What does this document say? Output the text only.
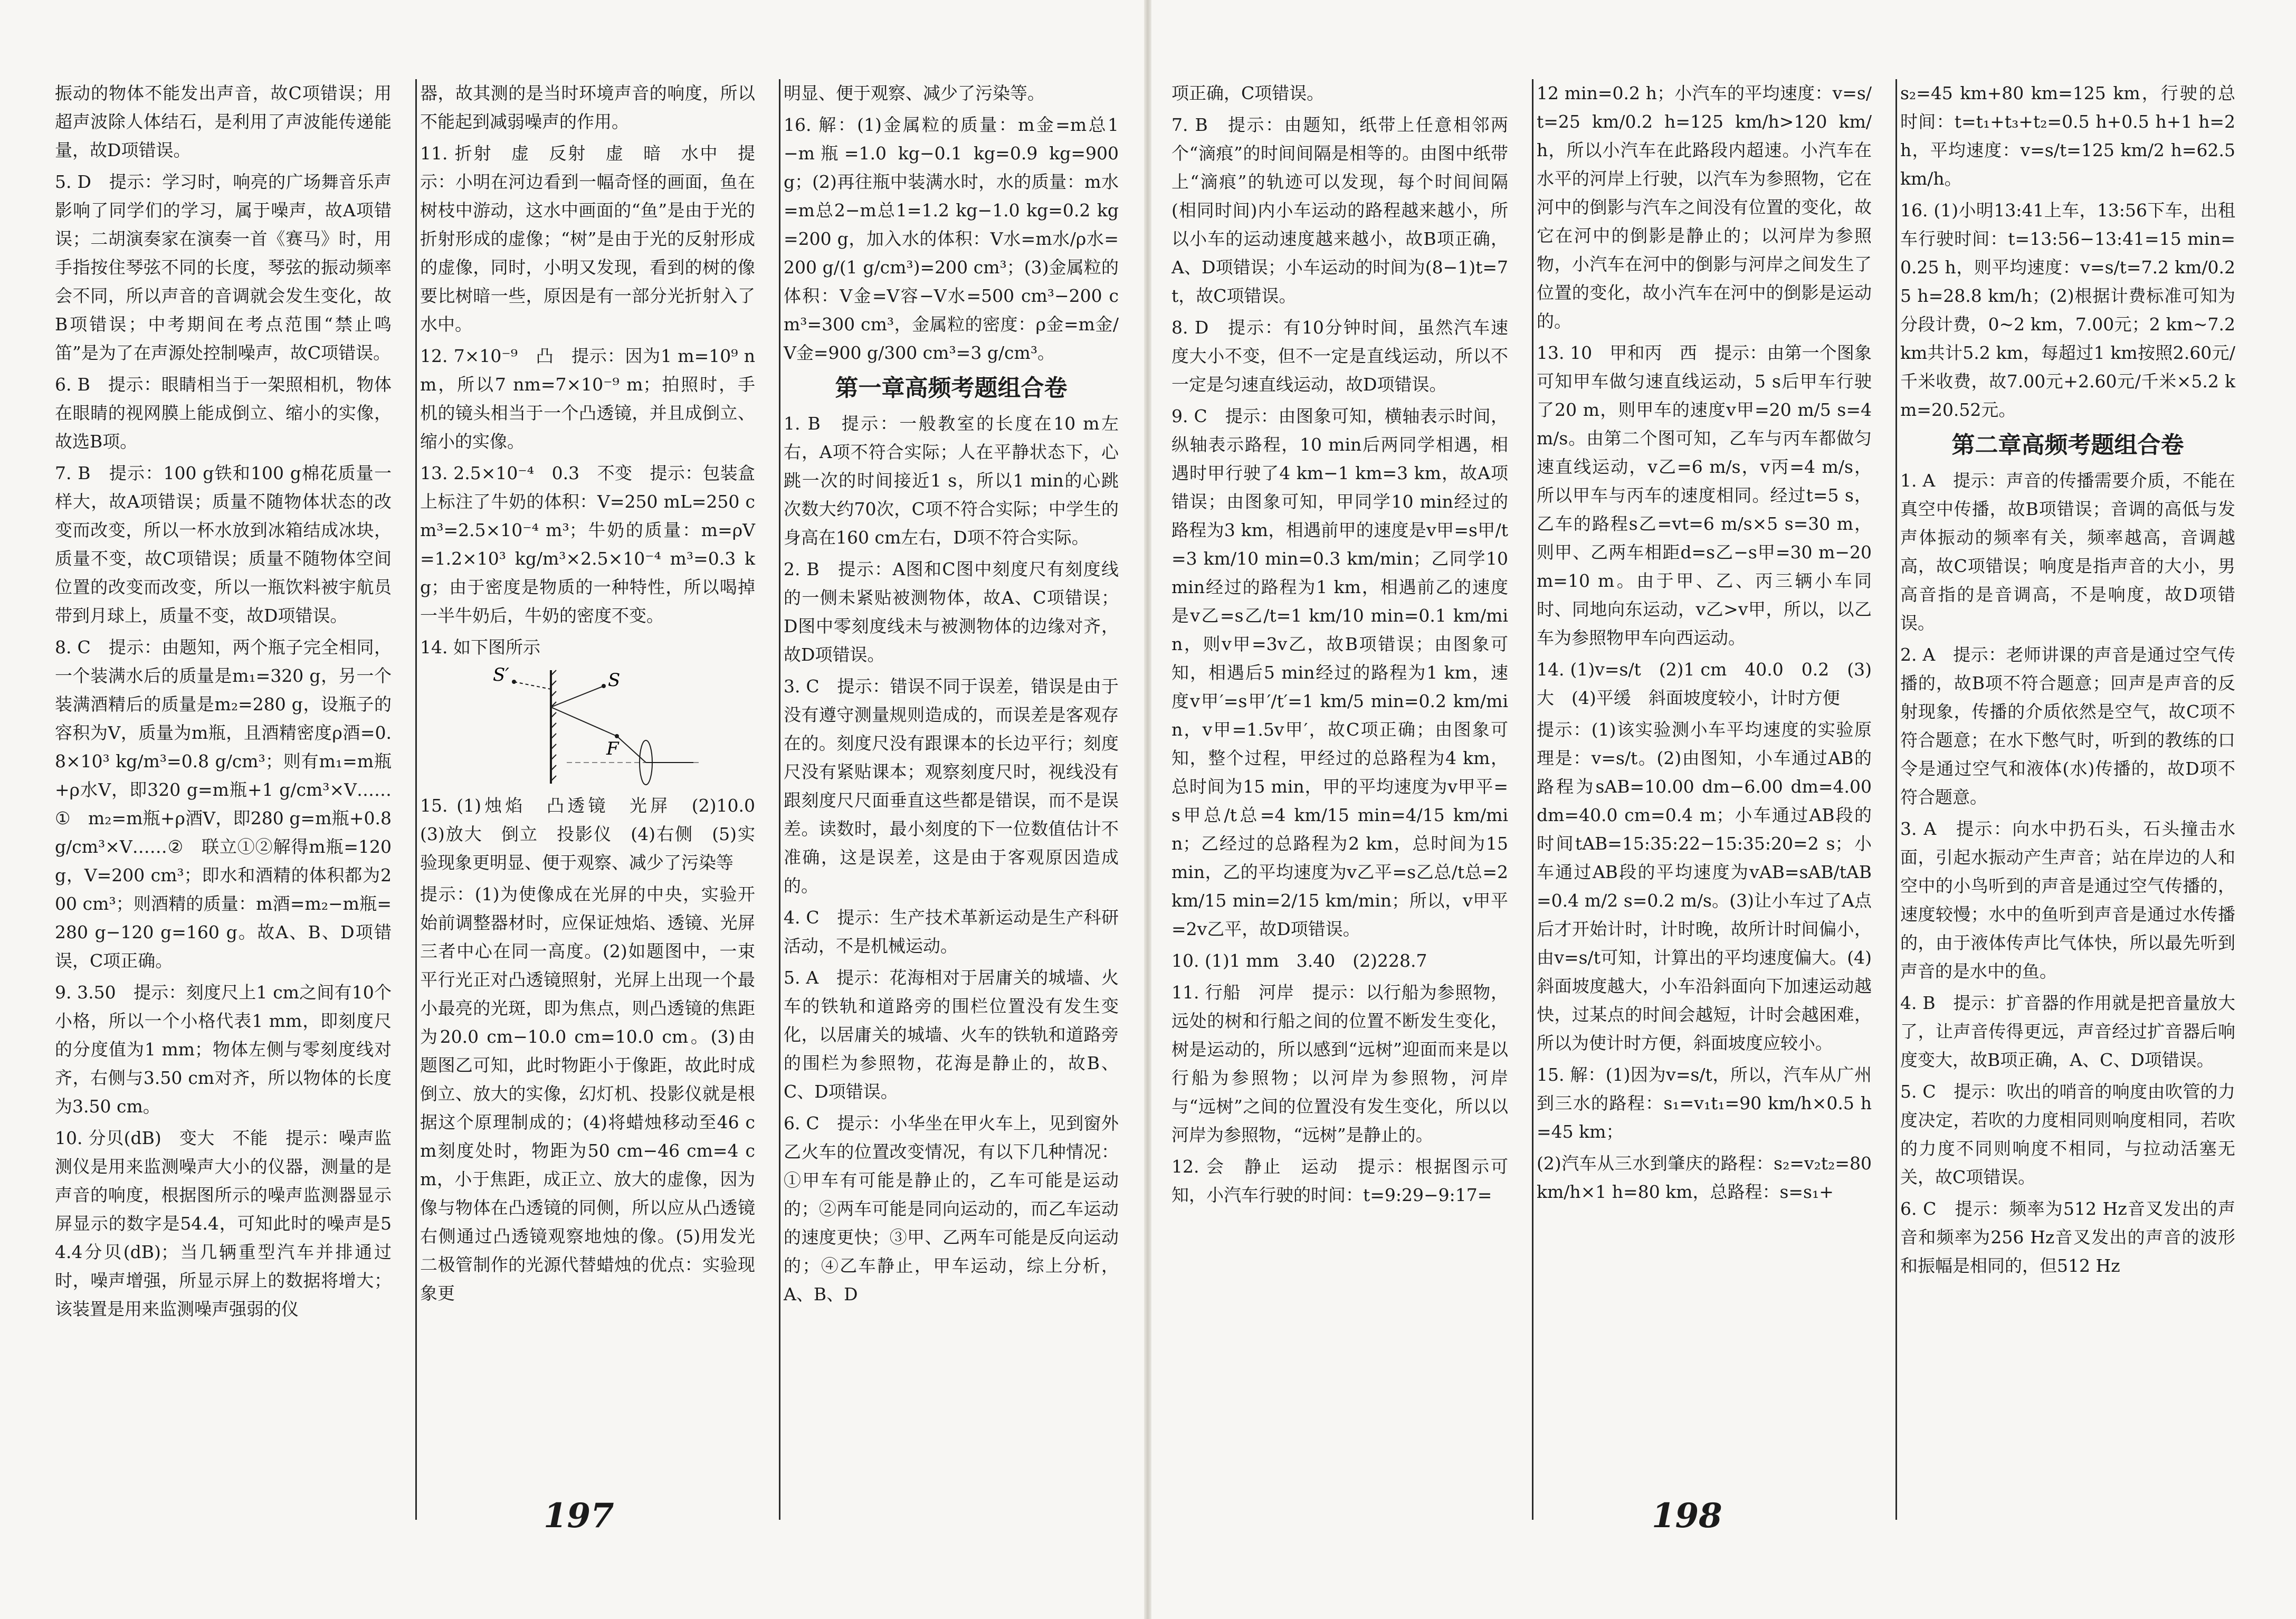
振动的物体不能发出声音，故C项错误；用超声波除人体结石，是利用了声波能传递能量，故D项错误。

5. D　提示：学习时，响亮的广场舞音乐声影响了同学们的学习，属于噪声，故A项错误；二胡演奏家在演奏一首《赛马》时，用手指按住琴弦不同的长度，琴弦的振动频率会不同，所以声音的音调就会发生变化，故B项错误；中考期间在考点范围“禁止鸣笛”是为了在声源处控制噪声，故C项错误。

6. B　提示：眼睛相当于一架照相机，物体在眼睛的视网膜上能成倒立、缩小的实像，故选B项。

7. B　提示：100 g铁和100 g棉花质量一样大，故A项错误；质量不随物体状态的改变而改变，所以一杯水放到冰箱结成冰块，质量不变，故C项错误；质量不随物体空间位置的改变而改变，所以一瓶饮料被宇航员带到月球上，质量不变，故D项错误。

8. C　提示：由题知，两个瓶子完全相同，一个装满水后的质量是m₁=320 g，另一个装满酒精后的质量是m₂=280 g，设瓶子的容积为V，质量为m瓶，且酒精密度ρ酒=0.8×10³ kg/m³=0.8 g/cm³；则有m₁=m瓶+ρ水V，即320 g=m瓶+1 g/cm³×V……①　m₂=m瓶+ρ酒V，即280 g=m瓶+0.8 g/cm³×V……②　联立①②解得m瓶=120 g，V=200 cm³；即水和酒精的体积都为200 cm³；则酒精的质量：m酒=m₂−m瓶=280 g−120 g=160 g。故A、B、D项错误，C项正确。

9. 3.50　提示：刻度尺上1 cm之间有10个小格，所以一个小格代表1 mm，即刻度尺的分度值为1 mm；物体左侧与零刻度线对齐，右侧与3.50 cm对齐，所以物体的长度为3.50 cm。

10. 分贝(dB)　变大　不能　提示：噪声监测仪是用来监测噪声大小的仪器，测量的是声音的响度，根据图所示的噪声监测器显示屏显示的数字是54.4，可知此时的噪声是54.4分贝(dB)；当几辆重型汽车并排通过时，噪声增强，所显示屏上的数据将增大；该装置是用来监测噪声强弱的仪

器，故其测的是当时环境声音的响度，所以不能起到减弱噪声的作用。

11. 折射　虚　反射　虚　暗　水中　提示：小明在河边看到一幅奇怪的画面，鱼在树枝中游动，这水中画面的“鱼”是由于光的折射形成的虚像；“树”是由于光的反射形成的虚像，同时，小明又发现，看到的树的像要比树暗一些，原因是有一部分光折射入了水中。

12. 7×10⁻⁹　凸　提示：因为1 m=10⁹ nm，所以7 nm=7×10⁻⁹ m；拍照时，手机的镜头相当于一个凸透镜，并且成倒立、缩小的实像。

13. 2.5×10⁻⁴　0.3　不变　提示：包装盒上标注了牛奶的体积：V=250 mL=250 cm³=2.5×10⁻⁴ m³；牛奶的质量：m=ρV=1.2×10³ kg/m³×2.5×10⁻⁴ m³=0.3 kg；由于密度是物质的一种特性，所以喝掉一半牛奶后，牛奶的密度不变。

14. 如下图所示

S′	S
F

15. (1)烛焰　凸透镜　光屏　(2)10.0　(3)放大　倒立　投影仪　(4)右侧　(5)实验现象更明显、便于观察、减少了污染等

提示：(1)为使像成在光屏的中央，实验开始前调整器材时，应保证烛焰、透镜、光屏三者中心在同一高度。(2)如题图中，一束平行光正对凸透镜照射，光屏上出现一个最小最亮的光斑，即为焦点，则凸透镜的焦距为20.0 cm−10.0 cm=10.0 cm。(3)由题图乙可知，此时物距小于像距，故此时成倒立、放大的实像，幻灯机、投影仪就是根据这个原理制成的；(4)将蜡烛移动至46 cm刻度处时，物距为50 cm−46 cm=4 cm，小于焦距，成正立、放大的虚像，因为像与物体在凸透镜的同侧，所以应从凸透镜右侧通过凸透镜观察地烛的像。(5)用发光二极管制作的光源代替蜡烛的优点：实验现象更

明显、便于观察、减少了污染等。

16. 解：(1)金属粒的质量：m金=m总1−m瓶=1.0 kg−0.1 kg=0.9 kg=900 g；(2)再往瓶中装满水时，水的质量：m水=m总2−m总1=1.2 kg−1.0 kg=0.2 kg=200 g，加入水的体积：V水=m水/ρ水=200 g/(1 g/cm³)=200 cm³；(3)金属粒的体积：V金=V容−V水=500 cm³−200 cm³=300 cm³，金属粒的密度：ρ金=m金/V金=900 g/300 cm³=3 g/cm³。

第一章高频考题组合卷

1. B　提示：一般教室的长度在10 m左右，A项不符合实际；人在平静状态下，心跳一次的时间接近1 s，所以1 min的心跳次数大约70次，C项不符合实际；中学生的身高在160 cm左右，D项不符合实际。

2. B　提示：A图和C图中刻度尺有刻度线的一侧未紧贴被测物体，故A、C项错误；D图中零刻度线未与被测物体的边缘对齐，故D项错误。

3. C　提示：错误不同于误差，错误是由于没有遵守测量规则造成的，而误差是客观存在的。刻度尺没有跟课本的长边平行；刻度尺没有紧贴课本；观察刻度尺时，视线没有跟刻度尺尺面垂直这些都是错误，而不是误差。读数时，最小刻度的下一位数值估计不准确，这是误差，这是由于客观原因造成的。

4. C　提示：生产技术革新运动是生产科研活动，不是机械运动。

5. A　提示：花海相对于居庸关的城墙、火车的铁轨和道路旁的围栏位置没有发生变化，以居庸关的城墙、火车的铁轨和道路旁的围栏为参照物，花海是静止的，故B、C、D项错误。

6. C　提示：小华坐在甲火车上，见到窗外乙火车的位置改变情况，有以下几种情况：①甲车有可能是静止的，乙车可能是运动的；②两车可能是同向运动的，而乙车运动的速度更快；③甲、乙两车可能是反向运动的；④乙车静止，甲车运动，综上分析，A、B、D

197

项正确，C项错误。

7. B　提示：由题知，纸带上任意相邻两个“滴痕”的时间间隔是相等的。由图中纸带上“滴痕”的轨迹可以发现，每个时间间隔(相同时间)内小车运动的路程越来越小，所以小车的运动速度越来越小，故B项正确，A、D项错误；小车运动的时间为(8−1)t=7t，故C项错误。

8. D　提示：有10分钟时间，虽然汽车速度大小不变，但不一定是直线运动，所以不一定是匀速直线运动，故D项错误。

9. C　提示：由图象可知，横轴表示时间，纵轴表示路程，10 min后两同学相遇，相遇时甲行驶了4 km−1 km=3 km，故A项错误；由图象可知，甲同学10 min经过的路程为3 km，相遇前甲的速度是v甲=s甲/t=3 km/10 min=0.3 km/min；乙同学10 min经过的路程为1 km，相遇前乙的速度是v乙=s乙/t=1 km/10 min=0.1 km/min，则v甲=3v乙，故B项错误；由图象可知，相遇后5 min经过的路程为1 km，速度v甲′=s甲′/t′=1 km/5 min=0.2 km/min，v甲=1.5v甲′，故C项正确；由图象可知，整个过程，甲经过的总路程为4 km，总时间为15 min，甲的平均速度为v甲平=s甲总/t总=4 km/15 min=4/15 km/min；乙经过的总路程为2 km，总时间为15 min，乙的平均速度为v乙平=s乙总/t总=2 km/15 min=2/15 km/min；所以，v甲平=2v乙平，故D项错误。

10. (1)1 mm　3.40　(2)228.7

11. 行船　河岸　提示：以行船为参照物，远处的树和行船之间的位置不断发生变化，树是运动的，所以感到“远树”迎面而来是以行船为参照物；以河岸为参照物，河岸与“远树”之间的位置没有发生变化，所以以河岸为参照物，“远树”是静止的。

12. 会　静止　运动　提示：根据图示可知，小汽车行驶的时间：t=9:29−9:17=

12 min=0.2 h；小汽车的平均速度：v=s/t=25 km/0.2 h=125 km/h>120 km/h，所以小汽车在此路段内超速。小汽车在水平的河岸上行驶，以汽车为参照物，它在河中的倒影与汽车之间没有位置的变化，故它在河中的倒影是静止的；以河岸为参照物，小汽车在河中的倒影与河岸之间发生了位置的变化，故小汽车在河中的倒影是运动的。

13. 10　甲和丙　西　提示：由第一个图象可知甲车做匀速直线运动，5 s后甲车行驶了20 m，则甲车的速度v甲=20 m/5 s=4 m/s。由第二个图可知，乙车与丙车都做匀速直线运动，v乙=6 m/s，v丙=4 m/s，所以甲车与丙车的速度相同。经过t=5 s，乙车的路程s乙=vt=6 m/s×5 s=30 m，则甲、乙两车相距d=s乙−s甲=30 m−20 m=10 m。由于甲、乙、丙三辆小车同时、同地向东运动，v乙>v甲，所以，以乙车为参照物甲车向西运动。

14. (1)v=s/t　(2)1 cm　40.0　0.2　(3)大　(4)平缓　斜面坡度较小，计时方便

提示：(1)该实验测小车平均速度的实验原理是：v=s/t。(2)由图知，小车通过AB的路程为sAB=10.00 dm−6.00 dm=4.00 dm=40.0 cm=0.4 m；小车通过AB段的时间tAB=15:35:22−15:35:20=2 s；小车通过AB段的平均速度为vAB=sAB/tAB=0.4 m/2 s=0.2 m/s。(3)让小车过了A点后才开始计时，计时晚，故所计时间偏小，由v=s/t可知，计算出的平均速度偏大。(4)斜面坡度越大，小车沿斜面向下加速运动越快，过某点的时间会越短，计时会越困难，所以为使计时方便，斜面坡度应较小。

15. 解：(1)因为v=s/t，所以，汽车从广州到三水的路程：s₁=v₁t₁=90 km/h×0.5 h=45 km；

(2)汽车从三水到肇庆的路程：s₂=v₂t₂=80 km/h×1 h=80 km，总路程：s=s₁+

s₂=45 km+80 km=125 km，行驶的总时间：t=t₁+t₃+t₂=0.5 h+0.5 h+1 h=2 h，平均速度：v=s/t=125 km/2 h=62.5 km/h。

16. (1)小明13:41上车，13:56下车，出租车行驶时间：t=13:56−13:41=15 min=0.25 h，则平均速度：v=s/t=7.2 km/0.25 h=28.8 km/h；(2)根据计费标准可知为分段计费，0~2 km，7.00元；2 km~7.2 km共计5.2 km，每超过1 km按照2.60元/千米收费，故7.00元+2.60元/千米×5.2 km=20.52元。

第二章高频考题组合卷

1. A　提示：声音的传播需要介质，不能在真空中传播，故B项错误；音调的高低与发声体振动的频率有关，频率越高，音调越高，故C项错误；响度是指声音的大小，男高音指的是音调高，不是响度，故D项错误。

2. A　提示：老师讲课的声音是通过空气传播的，故B项不符合题意；回声是声音的反射现象，传播的介质依然是空气，故C项不符合题意；在水下憋气时，听到的教练的口令是通过空气和液体(水)传播的，故D项不符合题意。

3. A　提示：向水中扔石头，石头撞击水面，引起水振动产生声音；站在岸边的人和空中的小鸟听到的声音是通过空气传播的，速度较慢；水中的鱼听到声音是通过水传播的，由于液体传声比气体快，所以最先听到声音的是水中的鱼。

4. B　提示：扩音器的作用就是把音量放大了，让声音传得更远，声音经过扩音器后响度变大，故B项正确，A、C、D项错误。

5. C　提示：吹出的哨音的响度由吹管的力度决定，若吹的力度相同则响度相同，若吹的力度不同则响度不相同，与拉动活塞无关，故C项错误。

6. C　提示：频率为512 Hz音叉发出的声音和频率为256 Hz音叉发出的声音的波形和振幅是相同的，但512 Hz

198
